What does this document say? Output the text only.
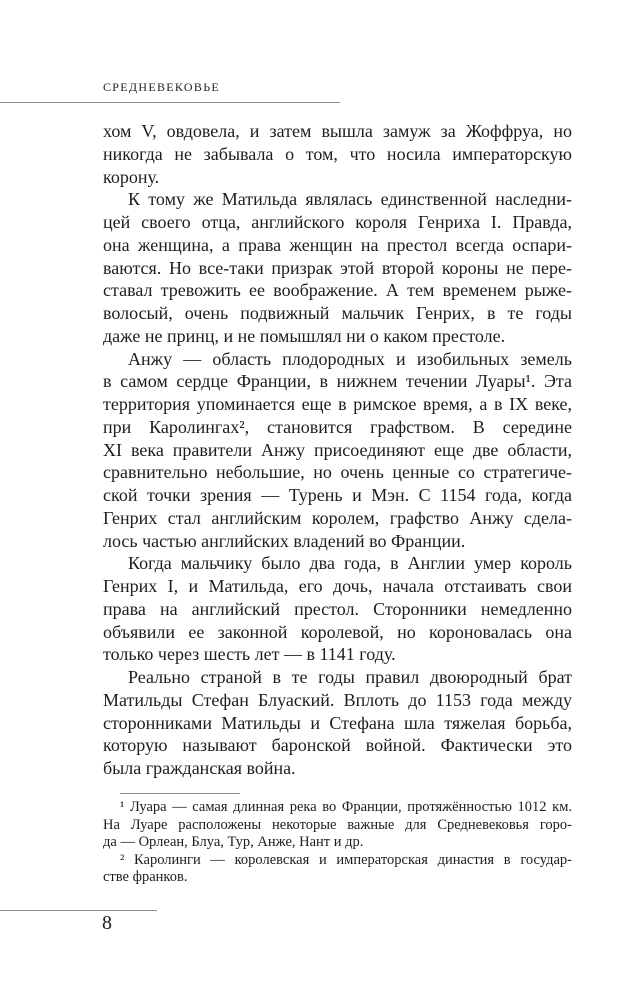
СРЕДНЕВЕКОВЬЕ
хом V, овдовела, и затем вышла замуж за Жоффруа, но
никогда не забывала о том, что носила императорскую
корону.
К тому же Матильда являлась единственной наследни-
цей своего отца, английского короля Генриха I. Правда,
она женщина, а права женщин на престол всегда оспари-
ваются. Но все-таки призрак этой второй короны не пере-
ставал тревожить ее воображение. А тем временем рыже-
волосый, очень подвижный мальчик Генрих, в те годы
даже не принц, и не помышлял ни о каком престоле.
Анжу — область плодородных и изобильных земель
в самом сердце Франции, в нижнем течении Луары¹. Эта
территория упоминается еще в римское время, а в IX веке,
при Каролингах², становится графством. В середине
XI века правители Анжу присоединяют еще две области,
сравнительно небольшие, но очень ценные со стратегиче-
ской точки зрения — Турень и Мэн. С 1154 года, когда
Генрих стал английским королем, графство Анжу сдела-
лось частью английских владений во Франции.
Когда мальчику было два года, в Англии умер король
Генрих I, и Матильда, его дочь, начала отстаивать свои
права на английский престол. Сторонники немедленно
объявили ее законной королевой, но короновалась она
только через шесть лет — в 1141 году.
Реально страной в те годы правил двоюродный брат
Матильды Стефан Блуаский. Вплоть до 1153 года между
сторонниками Матильды и Стефана шла тяжелая борьба,
которую называют баронской войной. Фактически это
была гражданская война.
¹ Луара — самая длинная река во Франции, протяжённостью 1012 км.
На Луаре расположены некоторые важные для Средневековья горо-
да — Орлеан, Блуа, Тур, Анже, Нант и др.
² Каролинги — королевская и императорская династия в государ-
стве франков.
8
